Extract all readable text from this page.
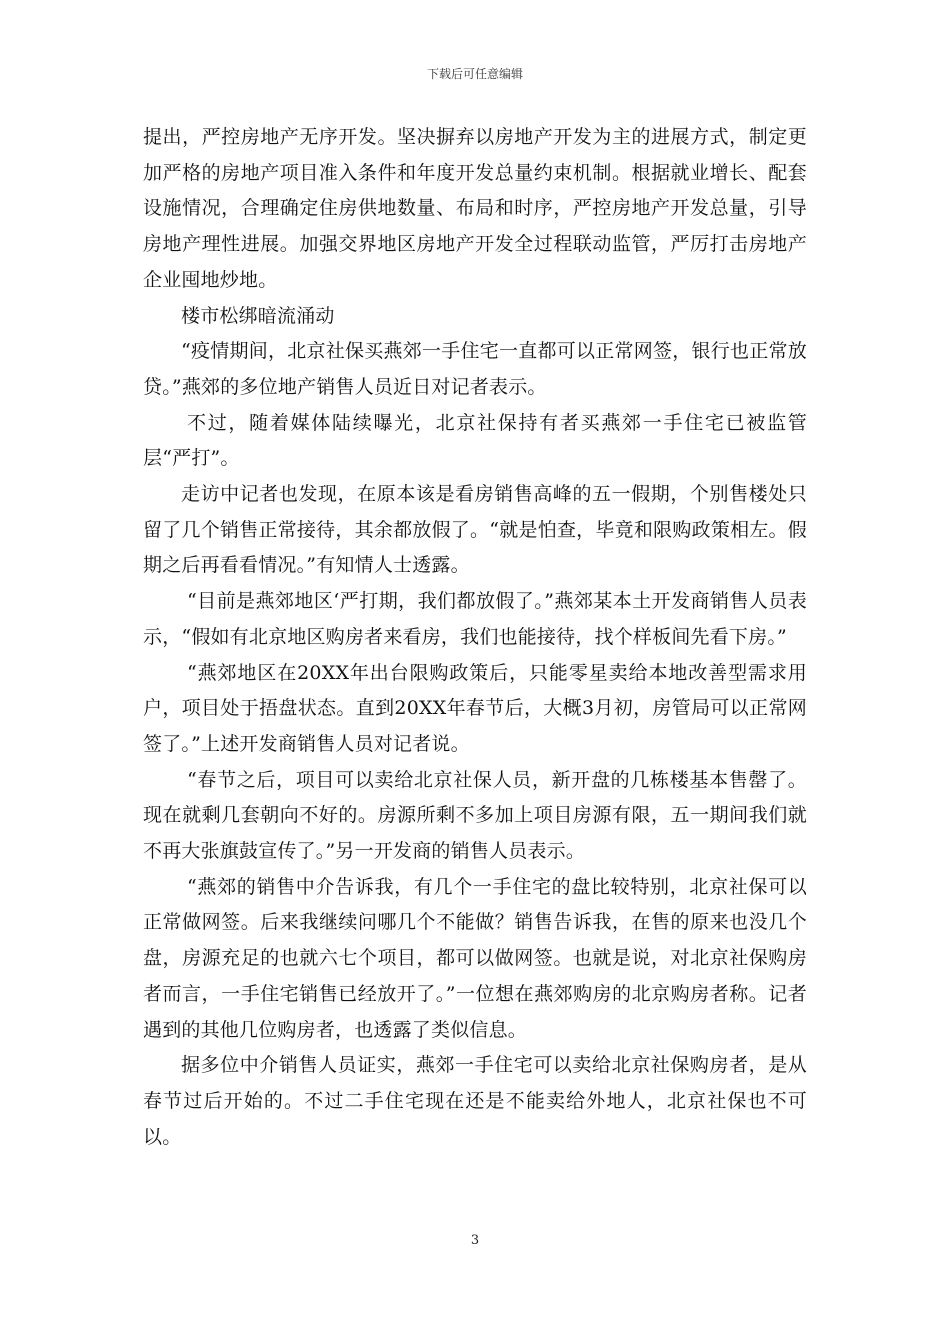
下载后可任意编辑

提出，严控房地产无序开发。坚决摒弃以房地产开发为主的进展方式，制定更加严格的房地产项目准入条件和年度开发总量约束机制。根据就业增长、配套设施情况，合理确定住房供地数量、布局和时序，严控房地产开发总量，引导房地产理性进展。加强交界地区房地产开发全过程联动监管，严厉打击房地产企业囤地炒地。

楼市松绑暗流涌动

“疫情期间，北京社保买燕郊一手住宅一直都可以正常网签，银行也正常放贷。”燕郊的多位地产销售人员近日对记者表示。

不过，随着媒体陆续曝光，北京社保持有者买燕郊一手住宅已被监管层“严打”。

走访中记者也发现，在原本该是看房销售高峰的五一假期，个别售楼处只留了几个销售正常接待，其余都放假了。“就是怕查，毕竟和限购政策相左。假期之后再看看情况。”有知情人士透露。

“目前是燕郊地区‘严打期，我们都放假了。”燕郊某本土开发商销售人员表示，“假如有北京地区购房者来看房，我们也能接待，找个样板间先看下房。”

“燕郊地区在20XX年出台限购政策后，只能零星卖给本地改善型需求用户，项目处于捂盘状态。直到20XX年春节后，大概3月初，房管局可以正常网签了。”上述开发商销售人员对记者说。

“春节之后，项目可以卖给北京社保人员，新开盘的几栋楼基本售罄了。现在就剩几套朝向不好的。房源所剩不多加上项目房源有限，五一期间我们就不再大张旗鼓宣传了。”另一开发商的销售人员表示。

“燕郊的销售中介告诉我，有几个一手住宅的盘比较特别，北京社保可以正常做网签。后来我继续问哪几个不能做？销售告诉我，在售的原来也没几个盘，房源充足的也就六七个项目，都可以做网签。也就是说，对北京社保购房者而言，一手住宅销售已经放开了。”一位想在燕郊购房的北京购房者称。记者遇到的其他几位购房者，也透露了类似信息。

据多位中介销售人员证实，燕郊一手住宅可以卖给北京社保购房者，是从春节过后开始的。不过二手住宅现在还是不能卖给外地人，北京社保也不可以。

3
